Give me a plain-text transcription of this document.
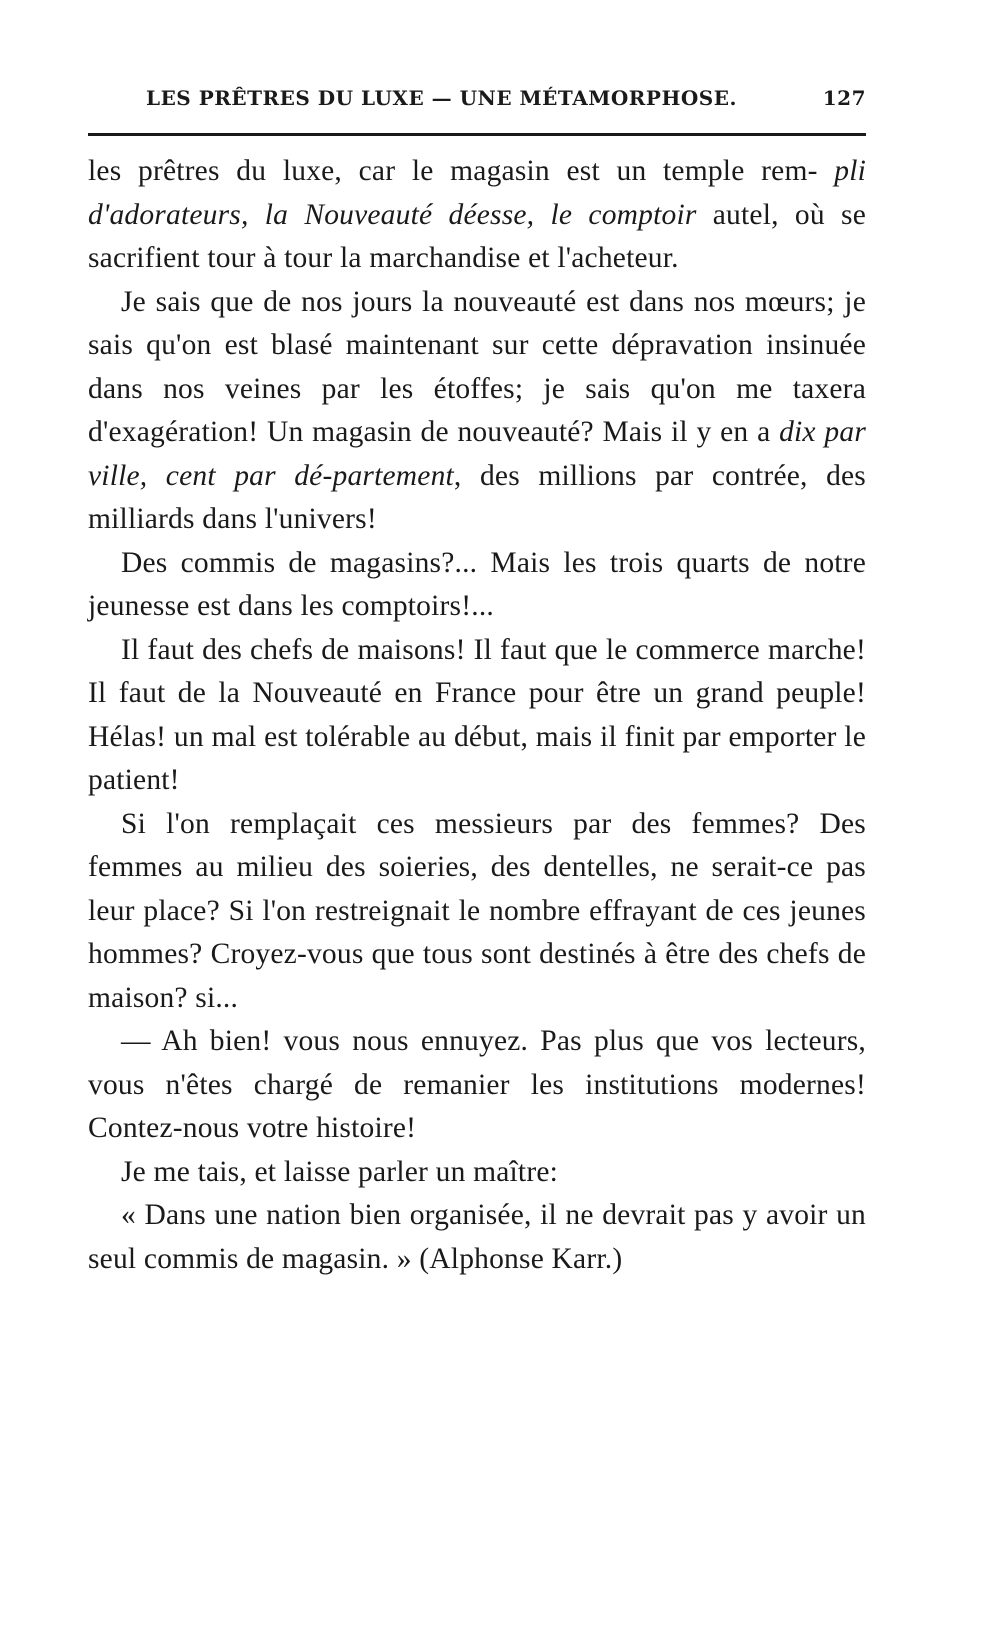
LES PRÊTRES DU LUXE — UNE MÉTAMORPHOSE.	127

les prêtres du luxe, car le magasin est un temple rem- pli d'adorateurs, la Nouveauté déesse, le comptoir autel, où se sacrifient tour à tour la marchandise et l'acheteur.

Je sais que de nos jours la nouveauté est dans nos mœurs; je sais qu'on est blasé maintenant sur cette dépravation insinuée dans nos veines par les étoffes; je sais qu'on me taxera d'exagération! Un magasin de nouveauté? Mais il y en a dix par ville, cent par dé-partement, des millions par contrée, des milliards dans l'univers!

Des commis de magasins?... Mais les trois quarts de notre jeunesse est dans les comptoirs!...

Il faut des chefs de maisons! Il faut que le commerce marche! Il faut de la Nouveauté en France pour être un grand peuple! Hélas! un mal est tolérable au début, mais il finit par emporter le patient!

Si l'on remplaçait ces messieurs par des femmes? Des femmes au milieu des soieries, des dentelles, ne serait-ce pas leur place? Si l'on restreignait le nombre effrayant de ces jeunes hommes? Croyez-vous que tous sont destinés à être des chefs de maison? si...

— Ah bien! vous nous ennuyez. Pas plus que vos lecteurs, vous n'êtes chargé de remanier les institutions modernes! Contez-nous votre histoire!

Je me tais, et laisse parler un maître:

« Dans une nation bien organisée, il ne devrait pas y avoir un seul commis de magasin. » (Alphonse Karr.)
